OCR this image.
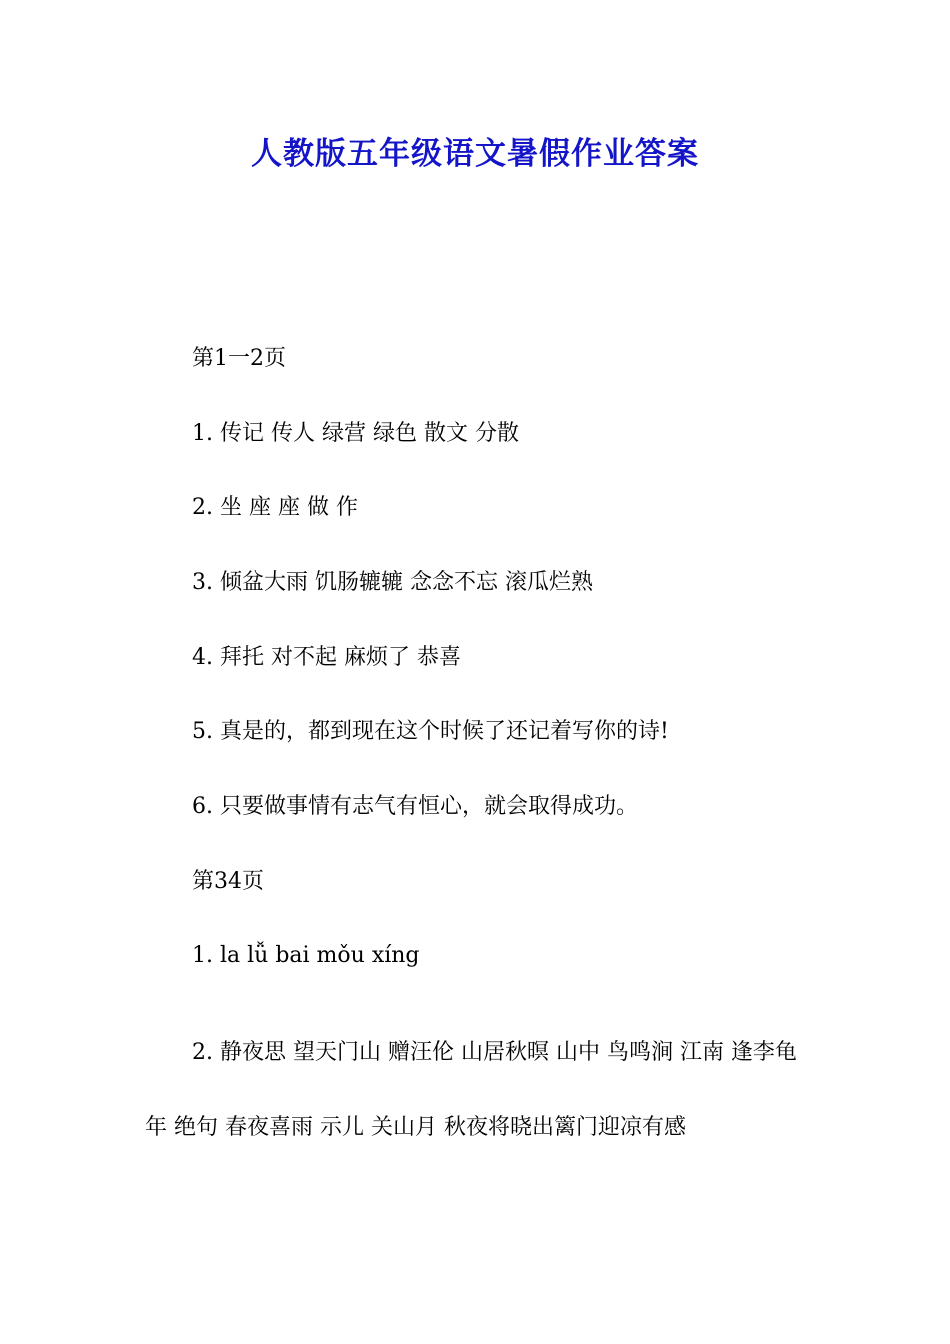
人教版五年级语文暑假作业答案

第1一2页

1. 传记 传人 绿营 绿色 散文 分散

2. 坐 座 座 做 作

3. 倾盆大雨 饥肠辘辘 念念不忘 滚瓜烂熟

4. 拜托 对不起 麻烦了 恭喜

5. 真是的，都到现在这个时候了还记着写你的诗!

6. 只要做事情有志气有恒心，就会取得成功。

第34页

1. la lǚ bai mǒu xíng

2. 静夜思 望天门山 赠汪伦 山居秋暝 山中 鸟鸣涧 江南 逢李龟年 绝句 春夜喜雨 示儿 关山月 秋夜将晓出篱门迎凉有感
